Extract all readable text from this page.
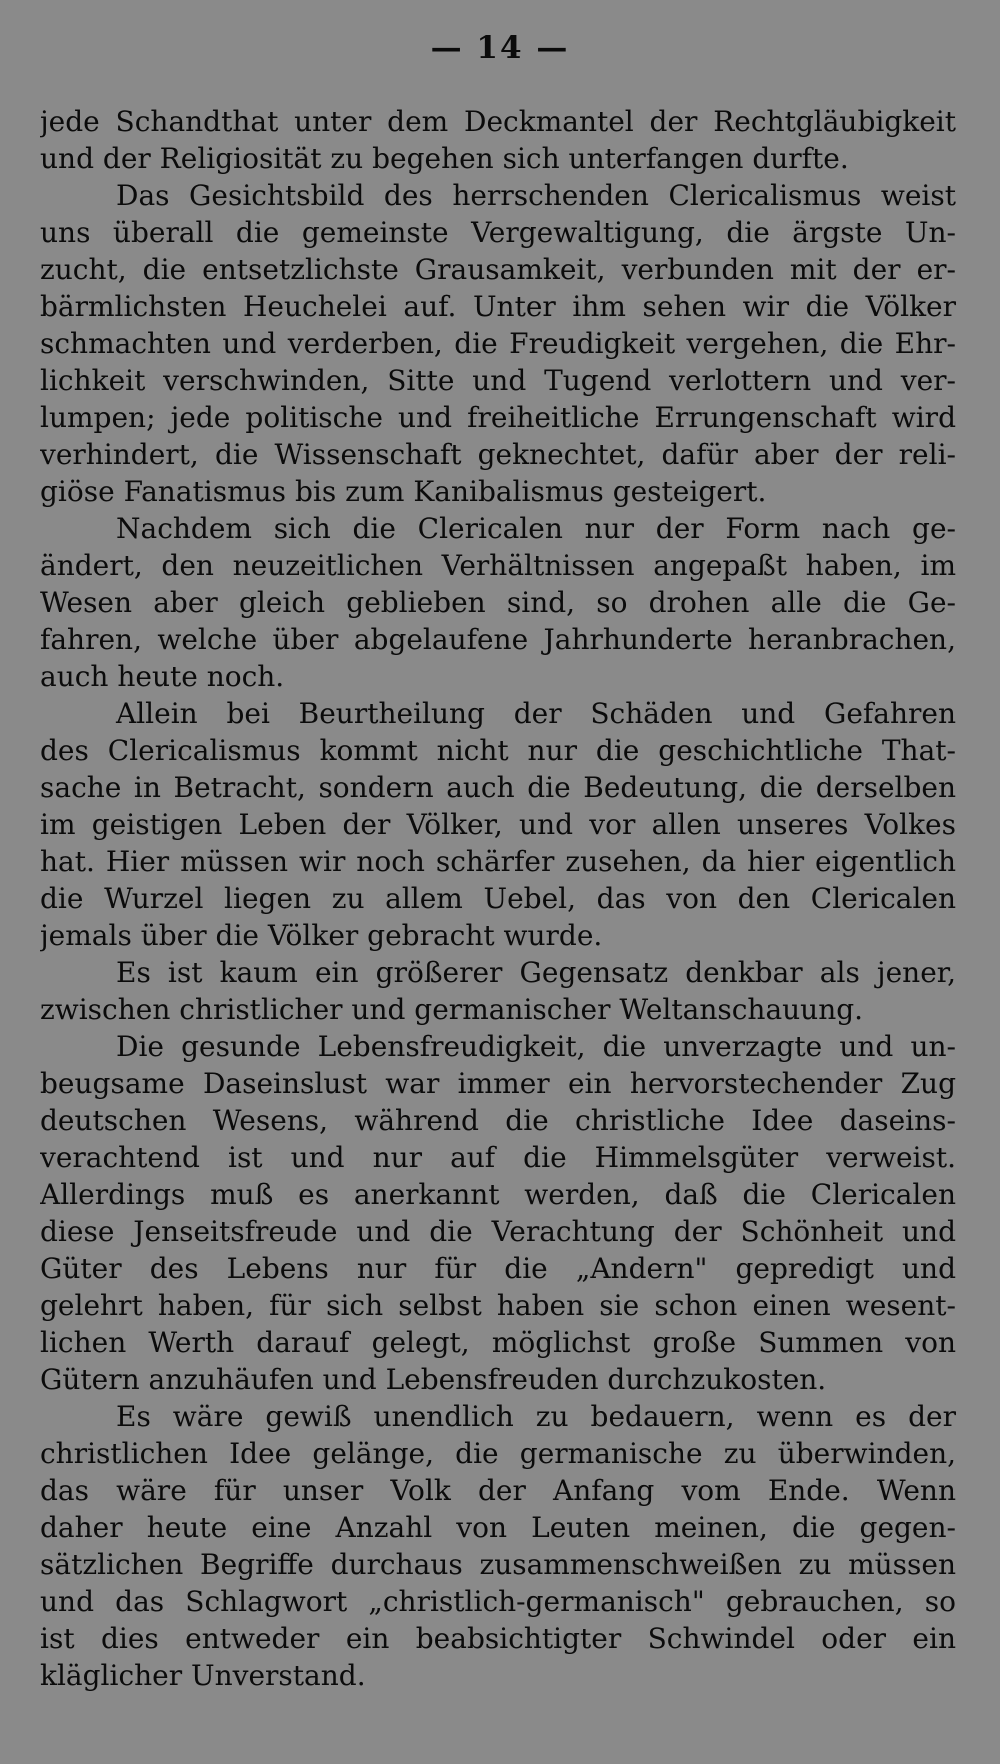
— 14 —
jede Schandthat unter dem Deckmantel der Rechtgläubigkeit
und der Religiosität zu begehen sich unterfangen durfte.
Das Gesichtsbild des herrschenden Clericalismus weist
uns überall die gemeinste Vergewaltigung, die ärgste Un-
zucht, die entsetzlichste Grausamkeit, verbunden mit der er-
bärmlichsten Heuchelei auf. Unter ihm sehen wir die Völker
schmachten und verderben, die Freudigkeit vergehen, die Ehr-
lichkeit verschwinden, Sitte und Tugend verlottern und ver-
lumpen; jede politische und freiheitliche Errungenschaft wird
verhindert, die Wissenschaft geknechtet, dafür aber der reli-
giöse Fanatismus bis zum Kanibalismus gesteigert.
Nachdem sich die Clericalen nur der Form nach ge-
ändert, den neuzeitlichen Verhältnissen angepaßt haben, im
Wesen aber gleich geblieben sind, so drohen alle die Ge-
fahren, welche über abgelaufene Jahrhunderte heranbrachen,
auch heute noch.
Allein bei Beurtheilung der Schäden und Gefahren
des Clericalismus kommt nicht nur die geschichtliche That-
sache in Betracht, sondern auch die Bedeutung, die derselben
im geistigen Leben der Völker, und vor allen unseres Volkes
hat. Hier müssen wir noch schärfer zusehen, da hier eigentlich
die Wurzel liegen zu allem Uebel, das von den Clericalen
jemals über die Völker gebracht wurde.
Es ist kaum ein größerer Gegensatz denkbar als jener,
zwischen christlicher und germanischer Weltanschauung.
Die gesunde Lebensfreudigkeit, die unverzagte und un-
beugsame Daseinslust war immer ein hervorstechender Zug
deutschen Wesens, während die christliche Idee daseins-
verachtend ist und nur auf die Himmelsgüter verweist.
Allerdings muß es anerkannt werden, daß die Clericalen
diese Jenseitsfreude und die Verachtung der Schönheit und
Güter des Lebens nur für die „Andern" gepredigt und
gelehrt haben, für sich selbst haben sie schon einen wesent-
lichen Werth darauf gelegt, möglichst große Summen von
Gütern anzuhäufen und Lebensfreuden durchzukosten.
Es wäre gewiß unendlich zu bedauern, wenn es der
christlichen Idee gelänge, die germanische zu überwinden,
das wäre für unser Volk der Anfang vom Ende. Wenn
daher heute eine Anzahl von Leuten meinen, die gegen-
sätzlichen Begriffe durchaus zusammenschweißen zu müssen
und das Schlagwort „christlich-germanisch" gebrauchen, so
ist dies entweder ein beabsichtigter Schwindel oder ein
kläglicher Unverstand.
